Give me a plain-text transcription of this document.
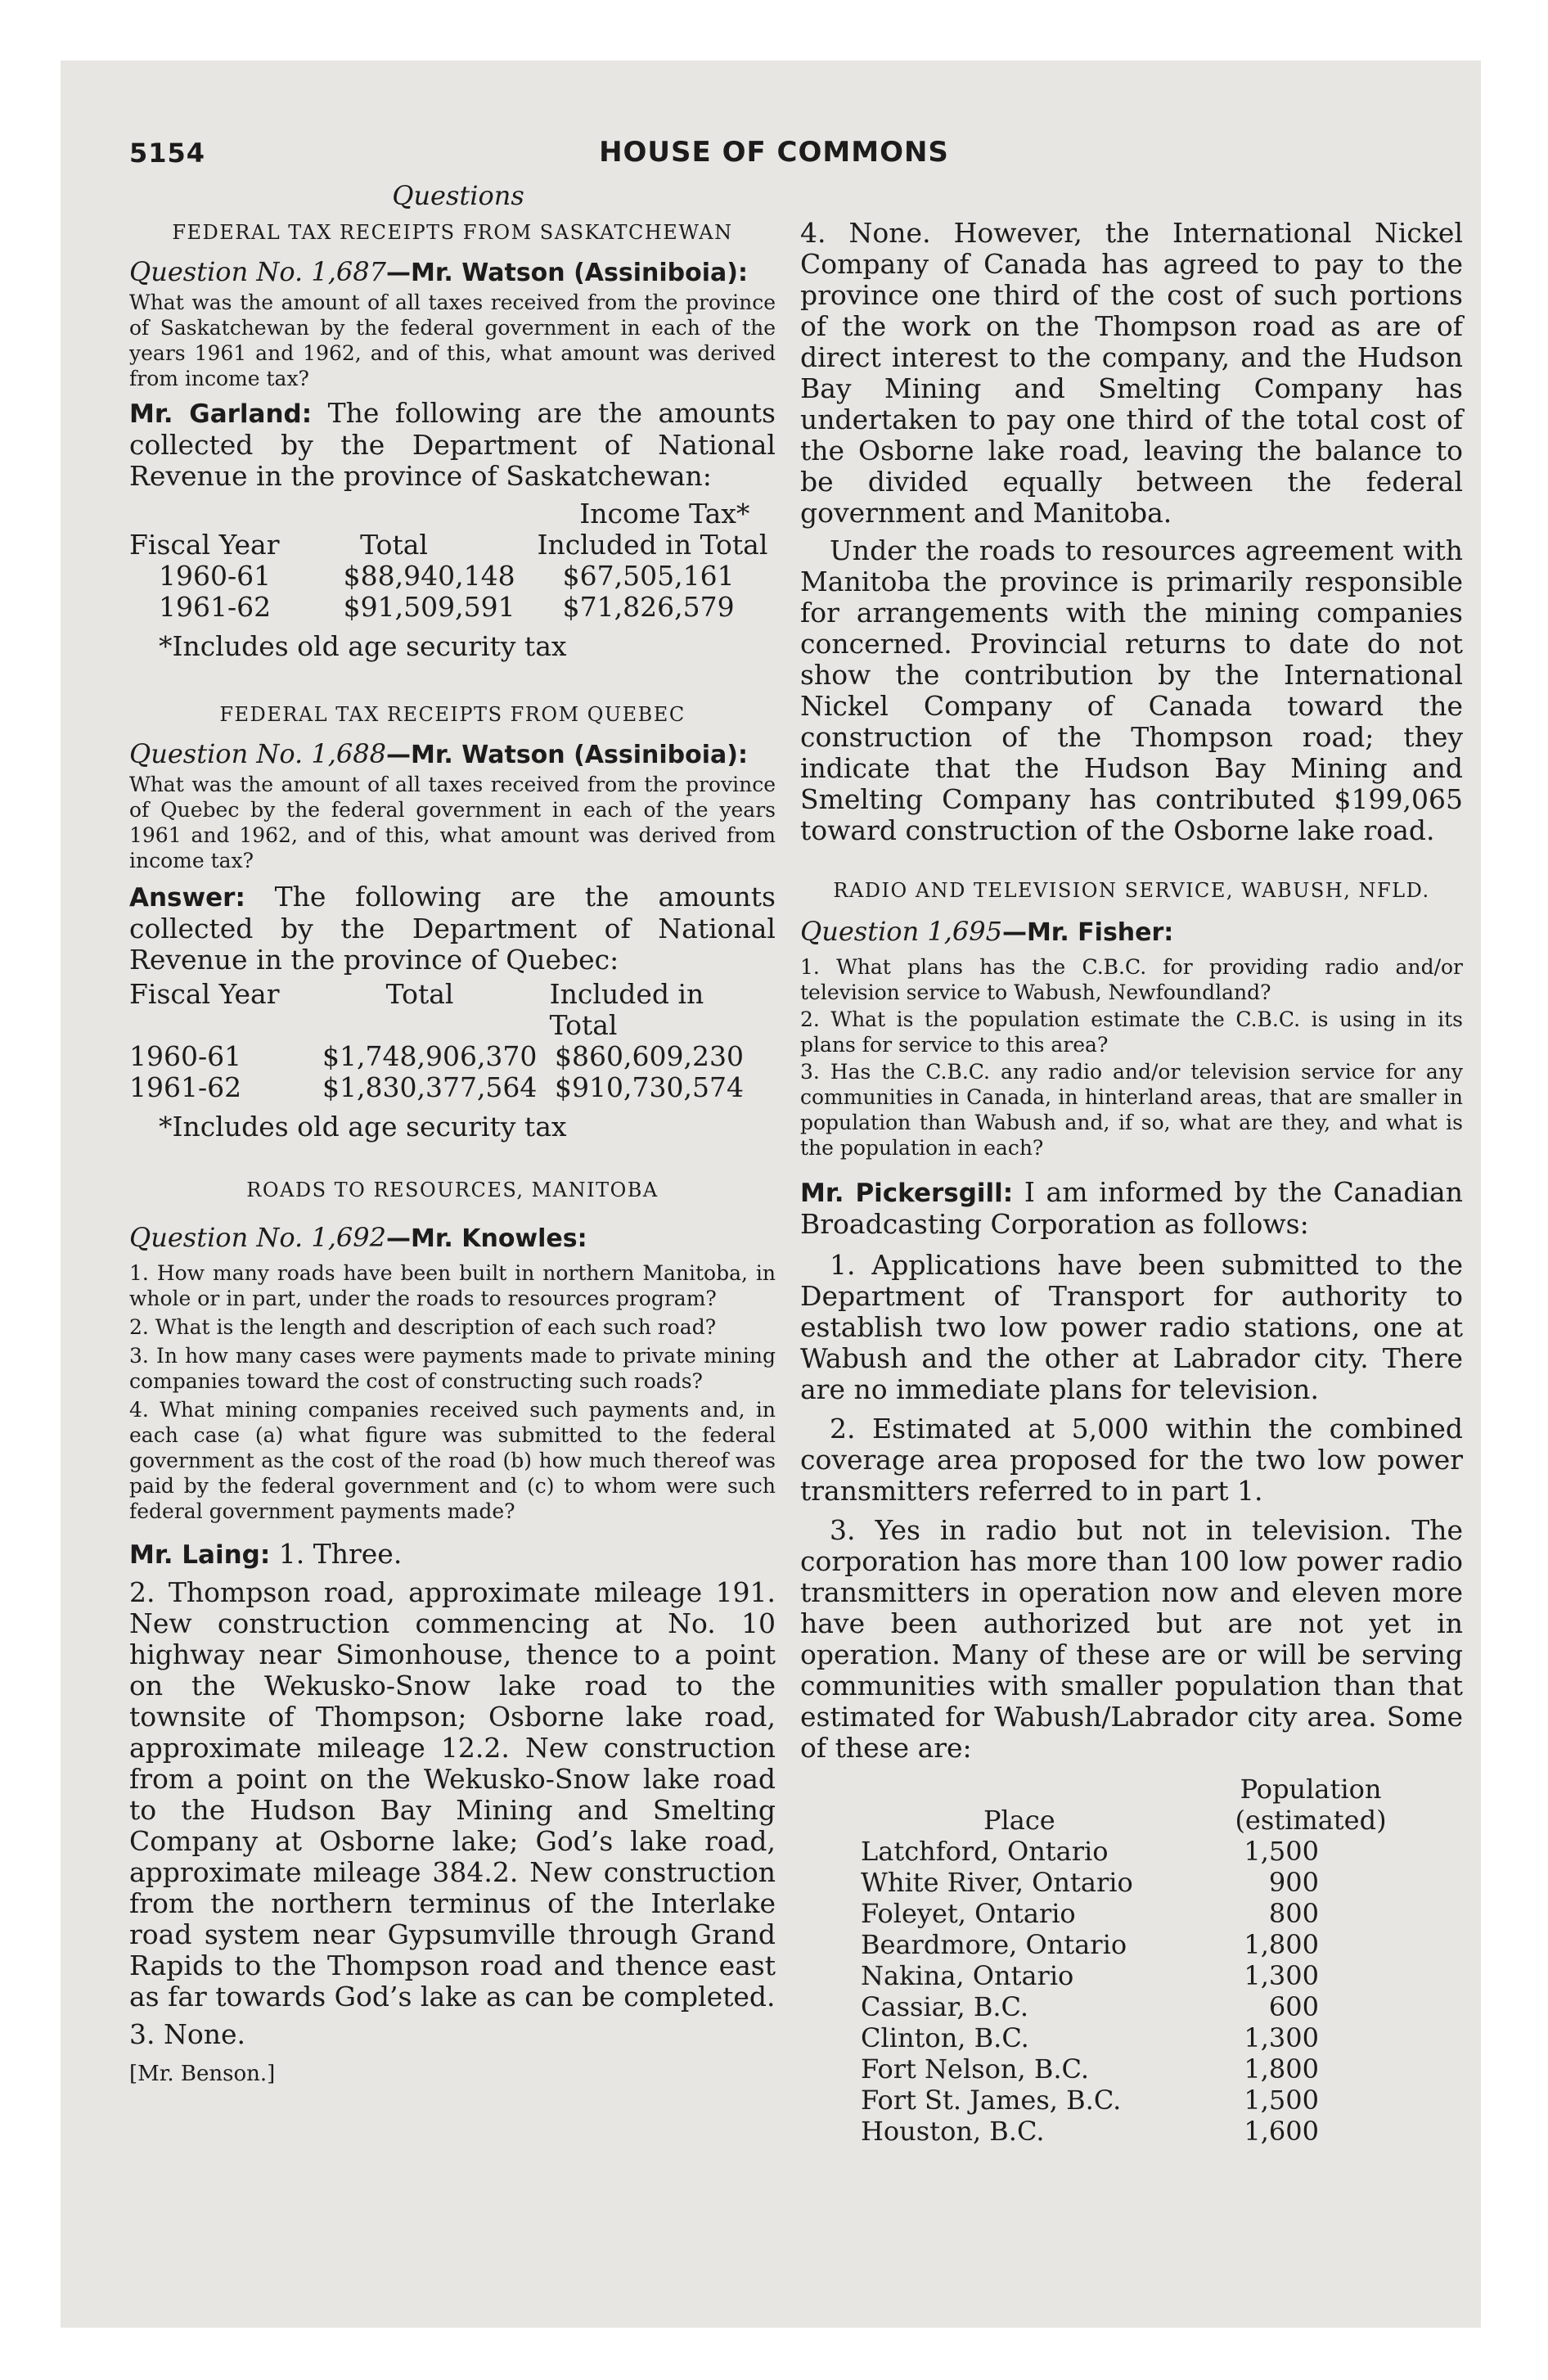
5154	HOUSE OF COMMONS
Questions
FEDERAL TAX RECEIPTS FROM SASKATCHEWAN
Question No. 1,687—Mr. Watson (Assiniboia):
What was the amount of all taxes received from the province of Saskatchewan by the federal government in each of the years 1961 and 1962, and of this, what amount was derived from income tax?
Mr. Garland: The following are the amounts collected by the Department of National Revenue in the province of Saskatchewan:
Income Tax*
Fiscal Year	Total	Included in Total
1960-61	$88,940,148	$67,505,161
1961-62	$91,509,591	$71,826,579
*Includes old age security tax
FEDERAL TAX RECEIPTS FROM QUEBEC
Question No. 1,688—Mr. Watson (Assiniboia):
What was the amount of all taxes received from the province of Quebec by the federal government in each of the years 1961 and 1962, and of this, what amount was derived from income tax?
Answer: The following are the amounts collected by the Department of National Revenue in the province of Quebec:
Fiscal Year	Total	Included in Total
1960-61	$1,748,906,370 $860,609,230
1961-62	$1,830,377,564 $910,730,574
*Includes old age security tax
ROADS TO RESOURCES, MANITOBA
Question No. 1,692—Mr. Knowles:
1. How many roads have been built in northern Manitoba, in whole or in part, under the roads to resources program?
2. What is the length and description of each such road?
3. In how many cases were payments made to private mining companies toward the cost of constructing such roads?
4. What mining companies received such payments and, in each case (a) what figure was submitted to the federal government as the cost of the road (b) how much thereof was paid by the federal government and (c) to whom were such federal government payments made?
Mr. Laing: 1. Three.
2. Thompson road, approximate mileage 191. New construction commencing at No. 10 highway near Simonhouse, thence to a point on the Wekusko-Snow lake road to the townsite of Thompson; Osborne lake road, approximate mileage 12.2. New construction from a point on the Wekusko-Snow lake road to the Hudson Bay Mining and Smelting Company at Osborne lake; God’s lake road, approximate mileage 384.2. New construction from the northern terminus of the Interlake road system near Gypsumville through Grand Rapids to the Thompson road and thence east as far towards God’s lake as can be completed.
3. None.
[Mr. Benson.]
4. None. However, the International Nickel Company of Canada has agreed to pay to the province one third of the cost of such portions of the work on the Thompson road as are of direct interest to the company, and the Hudson Bay Mining and Smelting Company has undertaken to pay one third of the total cost of the Osborne lake road, leaving the balance to be divided equally between the federal government and Manitoba.
Under the roads to resources agreement with Manitoba the province is primarily responsible for arrangements with the mining companies concerned. Provincial returns to date do not show the contribution by the International Nickel Company of Canada toward the construction of the Thompson road; they indicate that the Hudson Bay Mining and Smelting Company has contributed $199,065 toward construction of the Osborne lake road.
RADIO AND TELEVISION SERVICE, WABUSH, NFLD.
Question 1,695—Mr. Fisher:
1. What plans has the C.B.C. for providing radio and/or television service to Wabush, Newfoundland?
2. What is the population estimate the C.B.C. is using in its plans for service to this area?
3. Has the C.B.C. any radio and/or television service for any communities in Canada, in hinterland areas, that are smaller in population than Wabush and, if so, what are they, and what is the population in each?
Mr. Pickersgill: I am informed by the Canadian Broadcasting Corporation as follows:
1. Applications have been submitted to the Department of Transport for authority to establish two low power radio stations, one at Wabush and the other at Labrador city. There are no immediate plans for television.
2. Estimated at 5,000 within the combined coverage area proposed for the two low power transmitters referred to in part 1.
3. Yes in radio but not in television. The corporation has more than 100 low power radio transmitters in operation now and eleven more have been authorized but are not yet in operation. Many of these are or will be serving communities with smaller population than that estimated for Wabush/Labrador city area. Some of these are:
Population
Place	(estimated)
Latchford, Ontario	1,500
White River, Ontario	900
Foleyet, Ontario	800
Beardmore, Ontario	1,800
Nakina, Ontario	1,300
Cassiar, B.C.	600
Clinton, B.C.	1,300
Fort Nelson, B.C.	1,800
Fort St. James, B.C.	1,500
Houston, B.C.	1,600
